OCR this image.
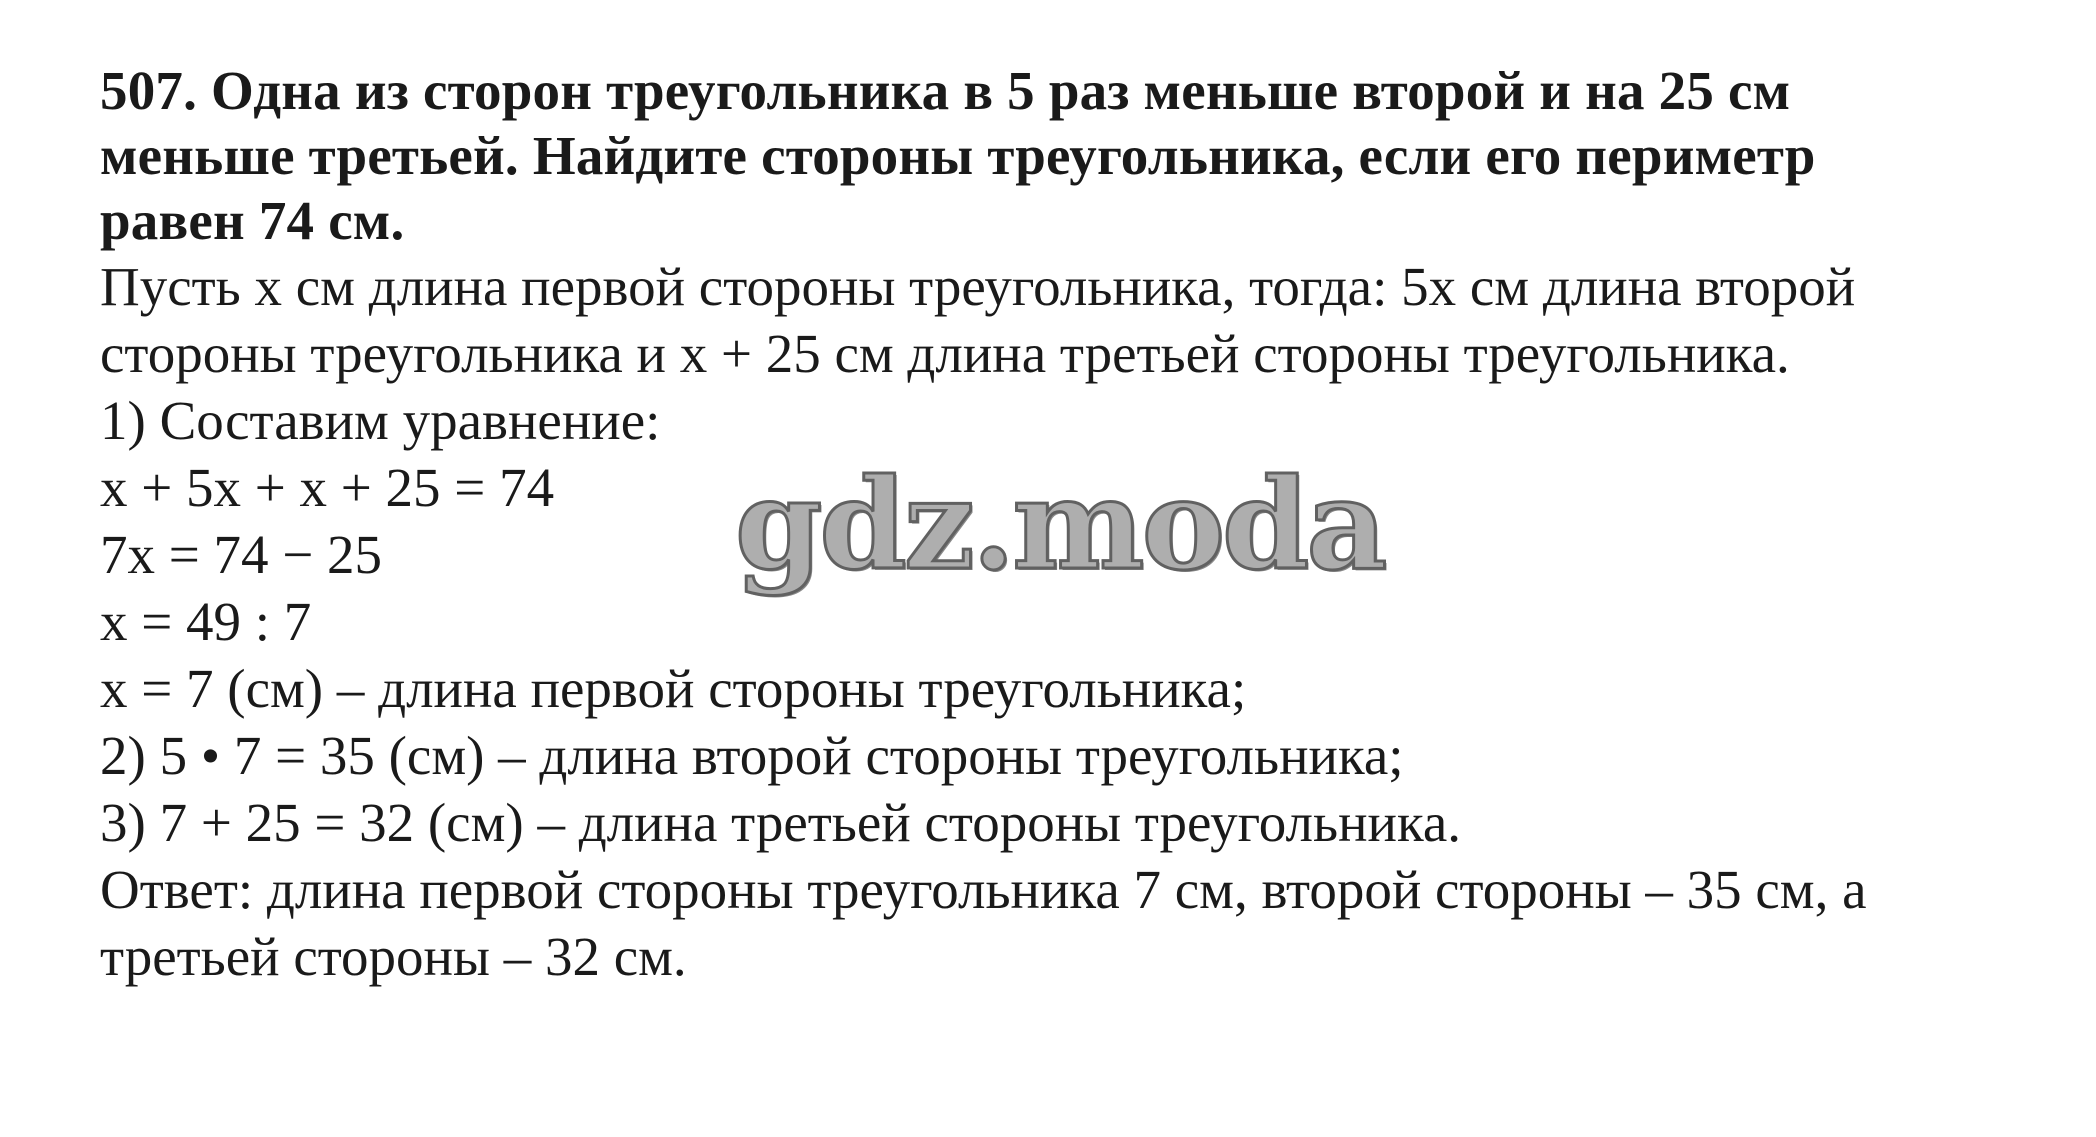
507. Одна из сторон треугольника в 5 раз меньше второй и на 25 см
меньше третьей. Найдите стороны треугольника, если его периметр
равен 74 см.
Пусть х см длина первой стороны треугольника, тогда: 5х см длина второй
стороны треугольника и х + 25 см длина третьей стороны треугольника.
1) Составим уравнение:
х + 5х + х + 25 = 74
7х = 74 − 25
х = 49 : 7
х = 7 (см) – длина первой стороны треугольника;
2) 5 • 7 = 35 (см) – длина второй стороны треугольника;
3) 7 + 25 = 32 (см) – длина третьей стороны треугольника.
Ответ: длина первой стороны треугольника 7 см, второй стороны – 35 см, а
третьей стороны – 32 см.
gdz.moda
